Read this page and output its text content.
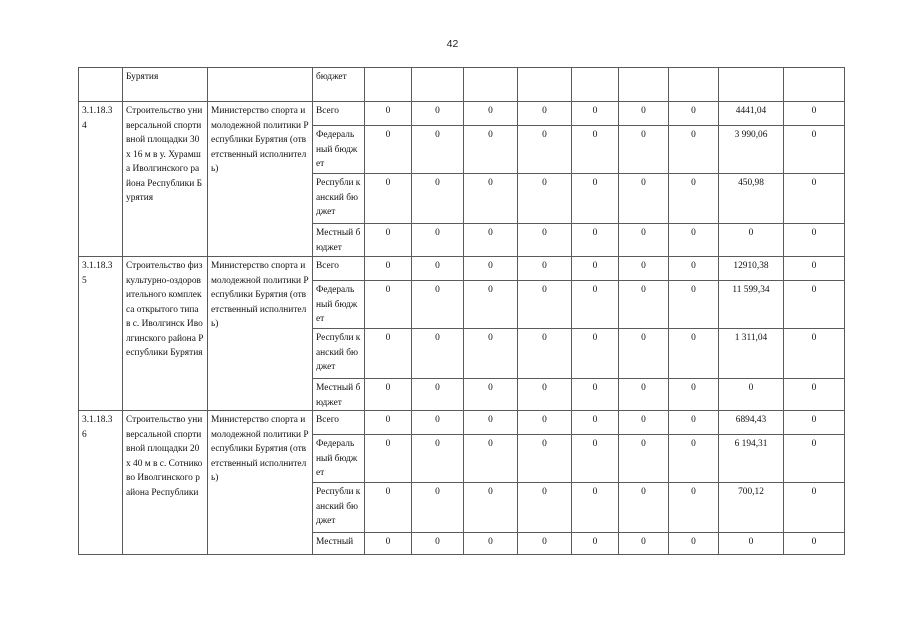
42
	Бурятия		бюджет									
3.1.18.3 4	Строительство универсальной спортивной площадки 30 х 16 м в у. Хурамша Иволгинского района Республики Бурятия	Министерство спорта и молодежной политики Республики Бурятия (ответственный исполнитель)	Всего	0	0	0	0	0	0	0	4441,04	0
			Федераль ный бюджет	0	0	0	0	0	0	0	3 990,06	0
			Республи канский бюджет	0	0	0	0	0	0	0	450,98	0
			Местный бюджет	0	0	0	0	0	0	0	0	0
3.1.18.3 5	Строительство физкультурно-оздоровительного комплекса открытого типа в с. Иволгинск Иволгинского района Республики Бурятия	Министерство спорта и молодежной политики Республики Бурятия (ответственный исполнитель)	Всего	0	0	0	0	0	0	0	12910,38	0
			Федераль ный бюджет	0	0	0	0	0	0	0	11 599,34	0
			Республи канский бюджет	0	0	0	0	0	0	0	1 311,04	0
			Местный бюджет	0	0	0	0	0	0	0	0	0
3.1.18.3 6	Строительство универсальной спортивной площадки 20 х 40 м в с. Сотниково Иволгинского района Республики	Министерство спорта и молодежной политики Республики Бурятия (ответственный исполнитель)	Всего	0	0	0	0	0	0	0	6894,43	0
			Федераль ный бюджет	0	0	0	0	0	0	0	6 194,31	0
			Республи канский бюджет	0	0	0	0	0	0	0	700,12	0
			Местный	0	0	0	0	0	0	0	0	0
